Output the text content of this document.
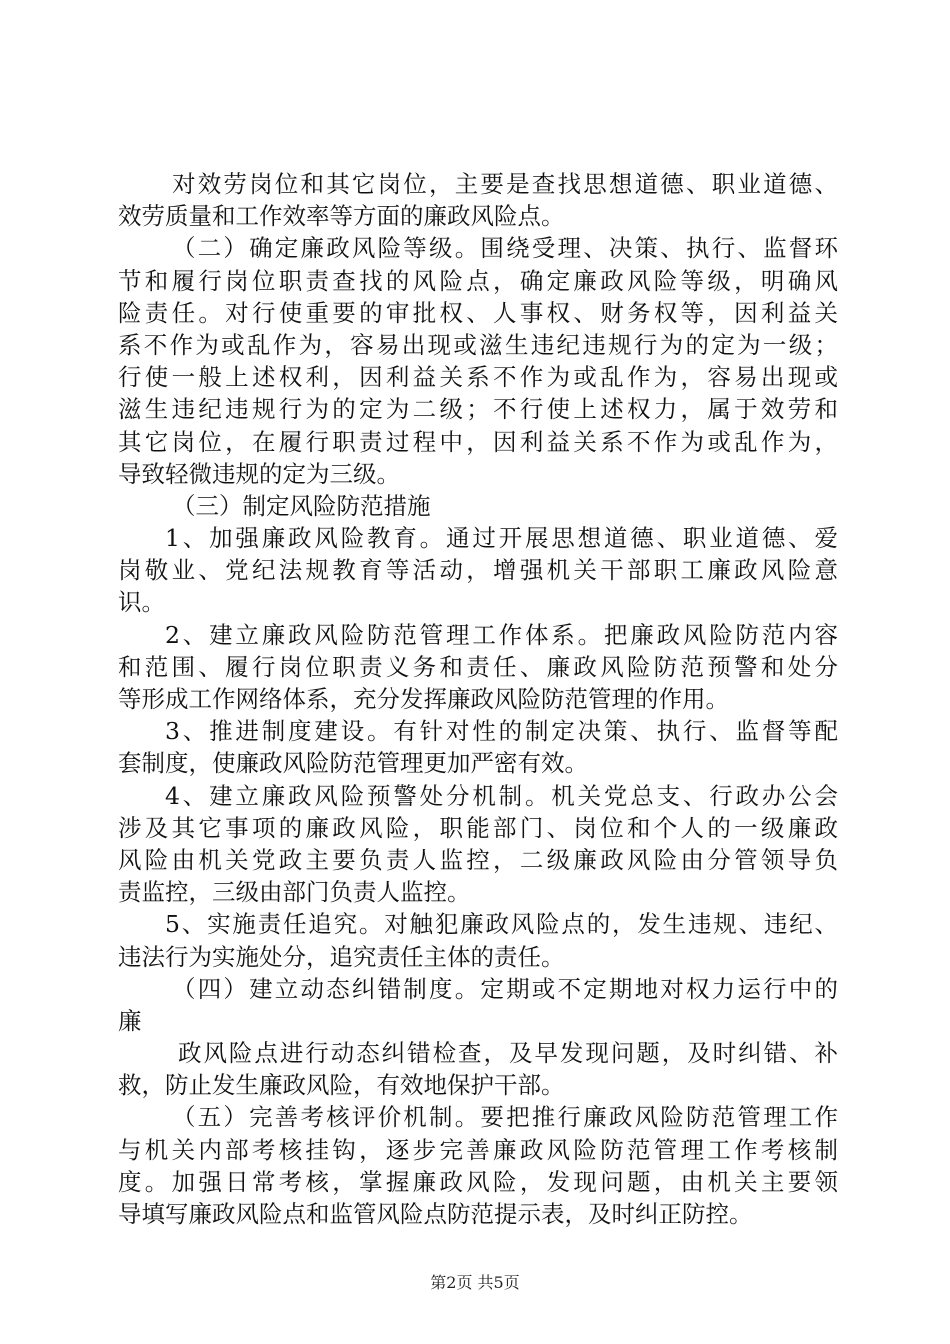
对效劳岗位和其它岗位，主要是查找思想道德、职业道德、
效劳质量和工作效率等方面的廉政风险点。
（二）确定廉政风险等级。围绕受理、决策、执行、监督环
节和履行岗位职责查找的风险点，确定廉政风险等级，明确风
险责任。对行使重要的审批权、人事权、财务权等，因利益关
系不作为或乱作为，容易出现或滋生违纪违规行为的定为一级；
行使一般上述权利，因利益关系不作为或乱作为，容易出现或
滋生违纪违规行为的定为二级；不行使上述权力，属于效劳和
其它岗位，在履行职责过程中，因利益关系不作为或乱作为，
导致轻微违规的定为三级。
（三）制定风险防范措施
1、加强廉政风险教育。通过开展思想道德、职业道德、爱
岗敬业、党纪法规教育等活动，增强机关干部职工廉政风险意
识。
2、建立廉政风险防范管理工作体系。把廉政风险防范内容
和范围、履行岗位职责义务和责任、廉政风险防范预警和处分
等形成工作网络体系，充分发挥廉政风险防范管理的作用。
3、推进制度建设。有针对性的制定决策、执行、监督等配
套制度，使廉政风险防范管理更加严密有效。
4、建立廉政风险预警处分机制。机关党总支、行政办公会
涉及其它事项的廉政风险，职能部门、岗位和个人的一级廉政
风险由机关党政主要负责人监控，二级廉政风险由分管领导负
责监控，三级由部门负责人监控。
5、实施责任追究。对触犯廉政风险点的，发生违规、违纪、
违法行为实施处分，追究责任主体的责任。
（四）建立动态纠错制度。定期或不定期地对权力运行中的
廉
政风险点进行动态纠错检查，及早发现问题，及时纠错、补
救，防止发生廉政风险，有效地保护干部。
（五）完善考核评价机制。要把推行廉政风险防范管理工作
与机关内部考核挂钩，逐步完善廉政风险防范管理工作考核制
度。加强日常考核，掌握廉政风险，发现问题，由机关主要领
导填写廉政风险点和监管风险点防范提示表，及时纠正防控。
第2页 共5页
